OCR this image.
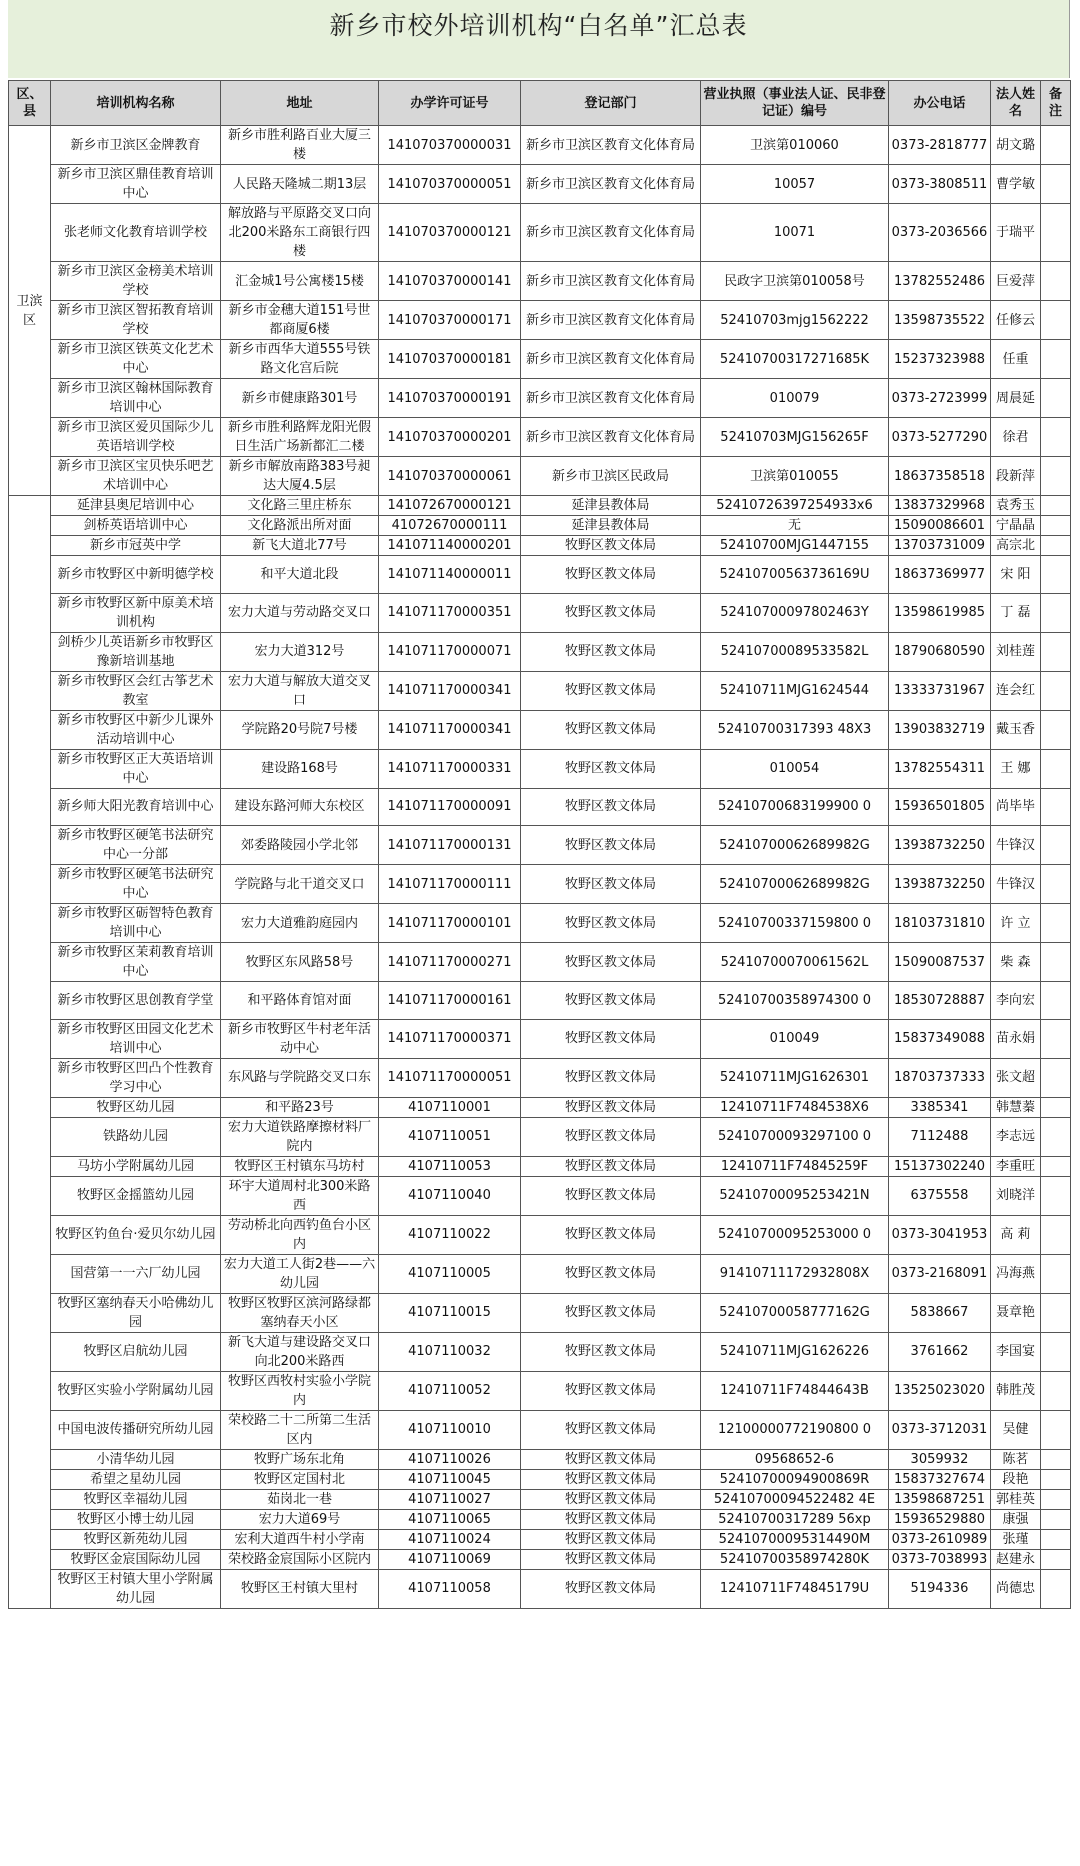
新乡市校外培训机构“白名单”汇总表
区、县	培训机构名称	地址	办学许可证号	登记部门	营业执照（事业法人证、民非登记证）编号	办公电话	法人姓名	备注
卫滨区	新乡市卫滨区金牌教育	新乡市胜利路百业大厦三楼	141070370000031	新乡市卫滨区教育文化体育局	卫滨第010060	0373-2818777	胡文璐	
	新乡市卫滨区鼎佳教育培训中心	人民路天隆城二期13层	141070370000051	新乡市卫滨区教育文化体育局	10057	0373-3808511	曹学敏	
	张老师文化教育培训学校	解放路与平原路交叉口向北200米路东工商银行四楼	141070370000121	新乡市卫滨区教育文化体育局	10071	0373-2036566	于瑞平	
	新乡市卫滨区金榜美术培训学校	汇金城1号公寓楼15楼	141070370000141	新乡市卫滨区教育文化体育局	民政字卫滨第010058号	13782552486	巨爱萍	
	新乡市卫滨区智拓教育培训学校	新乡市金穗大道151号世都商厦6楼	141070370000171	新乡市卫滨区教育文化体育局	52410703mjg1562222	13598735522	任修云	
	新乡市卫滨区铁英文化艺术中心	新乡市西华大道555号铁路文化宫后院	141070370000181	新乡市卫滨区教育文化体育局	52410700317271685K	15237323988	任重	
	新乡市卫滨区翰林国际教育培训中心	新乡市健康路301号	141070370000191	新乡市卫滨区教育文化体育局	010079	0373-2723999	周晨延	
	新乡市卫滨区爱贝国际少儿英语培训学校	新乡市胜利路辉龙阳光假日生活广场新都汇二楼	141070370000201	新乡市卫滨区教育文化体育局	52410703MJG156265F	0373-5277290	徐君	
	新乡市卫滨区宝贝快乐吧艺术培训中心	新乡市解放南路383号昶达大厦4.5层	141070370000061	新乡市卫滨区民政局	卫滨第010055	18637358518	段新萍	
	延津县奥尼培训中心	文化路三里庄桥东	141072670000121	延津县教体局	52410726397254933x6	13837329968	袁秀玉	
	剑桥英语培训中心	文化路派出所对面	41072670000111	延津县教体局	无	15090086601	宁晶晶	
	新乡市冠英中学	新飞大道北77号	141071140000201	牧野区教文体局	52410700MJG1447155	13703731009	高宗北	
	新乡市牧野区中新明德学校	和平大道北段	141071140000011	牧野区教文体局	52410700563736169U	18637369977	宋 阳	
	新乡市牧野区新中原美术培训机构	宏力大道与劳动路交叉口	141071170000351	牧野区教文体局	52410700097802463Y	13598619985	丁 磊	
	剑桥少儿英语新乡市牧野区豫新培训基地	宏力大道312号	141071170000071	牧野区教文体局	52410700089533582L	18790680590	刘桂莲	
	新乡市牧野区会红古筝艺术教室	宏力大道与解放大道交叉口	141071170000341	牧野区教文体局	52410711MJG1624544	13333731967	连会红	
	新乡市牧野区中新少儿课外活动培训中心	学院路20号院7号楼	141071170000341	牧野区教文体局	52410700317393 48X3	13903832719	戴玉香	
	新乡市牧野区正大英语培训中心	建设路168号	141071170000331	牧野区教文体局	010054	13782554311	王 娜	
	新乡师大阳光教育培训中心	建设东路河师大东校区	141071170000091	牧野区教文体局	52410700683199900 0	15936501805	尚毕毕	
	新乡市牧野区硬笔书法研究中心一分部	郊委路陵园小学北邻	141071170000131	牧野区教文体局	52410700062689982G	13938732250	牛锋汉	
	新乡市牧野区硬笔书法研究中心	学院路与北干道交叉口	141071170000111	牧野区教文体局	52410700062689982G	13938732250	牛锋汉	
	新乡市牧野区砺智特色教育培训中心	宏力大道雅韵庭园内	141071170000101	牧野区教文体局	52410700337159800 0	18103731810	许 立	
	新乡市牧野区茉莉教育培训中心	牧野区东风路58号	141071170000271	牧野区教文体局	52410700070061562L	15090087537	柴 森	
	新乡市牧野区思创教育学堂	和平路体育馆对面	141071170000161	牧野区教文体局	52410700358974300 0	18530728887	李向宏	
	新乡市牧野区田园文化艺术培训中心	新乡市牧野区牛村老年活动中心	141071170000371	牧野区教文体局	010049	15837349088	苗永娟	
	新乡市牧野区凹凸个性教育学习中心	东风路与学院路交叉口东	141071170000051	牧野区教文体局	52410711MJG1626301	18703737333	张文超	
	牧野区幼儿园	和平路23号	4107110001	牧野区教文体局	12410711F7484538X6	3385341	韩慧蓁	
	铁路幼儿园	宏力大道铁路摩擦材料厂院内	4107110051	牧野区教文体局	52410700093297100 0	7112488	李志远	
	马坊小学附属幼儿园	牧野区王村镇东马坊村	4107110053	牧野区教文体局	12410711F74845259F	15137302240	李重旺	
	牧野区金摇篮幼儿园	环宇大道周村北300米路西	4107110040	牧野区教文体局	52410700095253421N	6375558	刘晓洋	
	牧野区钓鱼台·爱贝尔幼儿园	劳动桥北向西钓鱼台小区内	4107110022	牧野区教文体局	52410700095253000 0	0373-3041953	高 莉	
	国营第一一六厂幼儿园	宏力大道工人街2巷——六幼儿园	4107110005	牧野区教文体局	91410711172932808X	0373-2168091	冯海燕	
	牧野区塞纳春天小哈佛幼儿园	牧野区牧野区滨河路绿都塞纳春天小区	4107110015	牧野区教文体局	52410700058777162G	5838667	聂章艳	
	牧野区启航幼儿园	新飞大道与建设路交叉口向北200米路西	4107110032	牧野区教文体局	52410711MJG1626226	3761662	李国宴	
	牧野区实验小学附属幼儿园	牧野区西牧村实验小学院内	4107110052	牧野区教文体局	12410711F74844643B	13525023020	韩胜茂	
	中国电波传播研究所幼儿园	荣校路二十二所第二生活区内	4107110010	牧野区教文体局	12100000772190800 0	0373-3712031	吴健	
	小清华幼儿园	牧野广场东北角	4107110026	牧野区教文体局	09568652-6	3059932	陈茗	
	希望之星幼儿园	牧野区定国村北	4107110045	牧野区教文体局	52410700094900869R	15837327674	段艳	
	牧野区幸福幼儿园	茹岗北一巷	4107110027	牧野区教文体局	52410700094522482 4E	13598687251	郭桂英	
	牧野区小博士幼儿园	宏力大道69号	4107110065	牧野区教文体局	52410700317289 56xp	15936529880	康强	
	牧野区新苑幼儿园	宏利大道西牛村小学南	4107110024	牧野区教文体局	52410700095314490M	0373-2610989	张瑾	
	牧野区金宸国际幼儿园	荣校路金宸国际小区院内	4107110069	牧野区教文体局	52410700358974280K	0373-7038993	赵建永	
	牧野区王村镇大里小学附属幼儿园	牧野区王村镇大里村	4107110058	牧野区教文体局	12410711F74845179U	5194336	尚德忠	
